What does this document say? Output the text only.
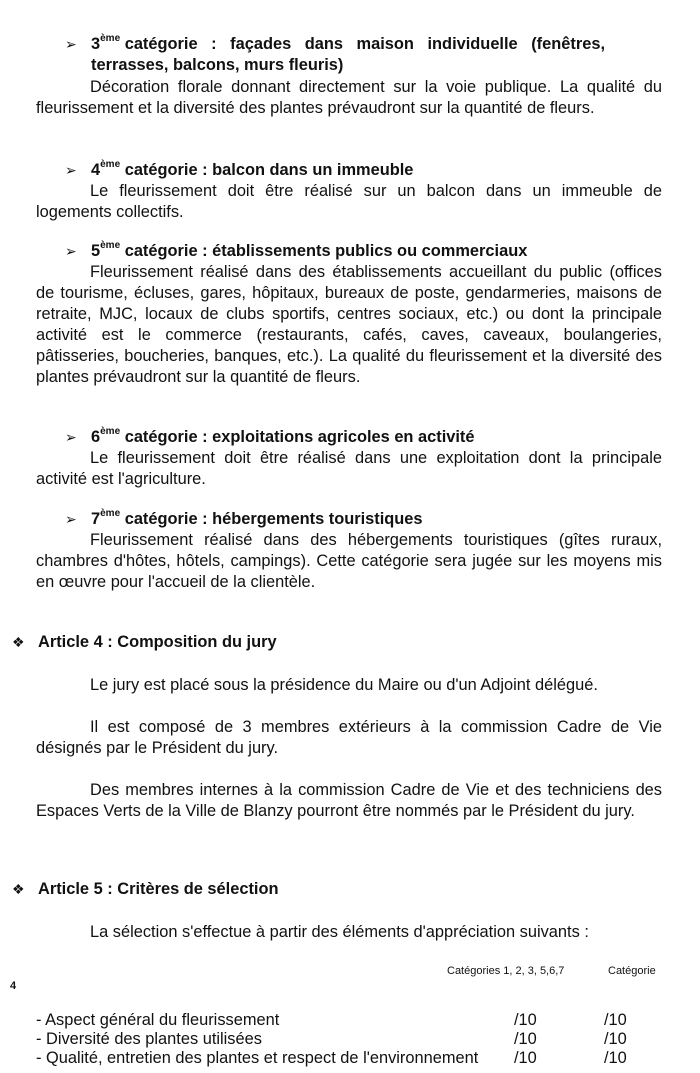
➢ 3ème catégorie : façades dans maison individuelle (fenêtres,
terrasses, balcons, murs fleuris)
Décoration florale donnant directement sur la voie publique. La qualité du fleurissement et la diversité des plantes prévaudront sur la quantité de fleurs.
➢ 4ème catégorie : balcon dans un immeuble
Le fleurissement doit être réalisé sur un balcon dans un immeuble de logements collectifs.
➢ 5ème catégorie : établissements publics ou commerciaux
Fleurissement réalisé dans des établissements accueillant du public (offices de tourisme, écluses, gares, hôpitaux, bureaux de poste, gendarmeries, maisons de retraite, MJC, locaux de clubs sportifs, centres sociaux, etc.) ou dont la principale activité est le commerce (restaurants, cafés, caves, caveaux, boulangeries, pâtisseries, boucheries, banques, etc.). La qualité du fleurissement et la diversité des plantes prévaudront sur la quantité de fleurs.
➢ 6ème catégorie : exploitations agricoles en activité
Le fleurissement doit être réalisé dans une exploitation dont la principale activité est l'agriculture.
➢ 7ème catégorie : hébergements touristiques
Fleurissement réalisé dans des hébergements touristiques (gîtes ruraux, chambres d'hôtes, hôtels, campings). Cette catégorie sera jugée sur les moyens mis en œuvre pour l'accueil de la clientèle.
❖ Article 4 : Composition du jury
Le jury est placé sous la présidence du Maire ou d'un Adjoint délégué.
Il est composé de 3 membres extérieurs à la commission Cadre de Vie désignés par le Président du jury.
Des membres internes à la commission Cadre de Vie et des techniciens des Espaces Verts de la Ville de Blanzy pourront être nommés par le Président du jury.
❖ Article 5 : Critères de sélection
La sélection s'effectue à partir des éléments d'appréciation suivants :
Catégories 1, 2, 3, 5,6,7	Catégorie
4
- Aspect général du fleurissement	/10	/10
- Diversité des plantes utilisées	/10	/10
- Qualité, entretien des plantes et respect de l'environnement /10	/10
